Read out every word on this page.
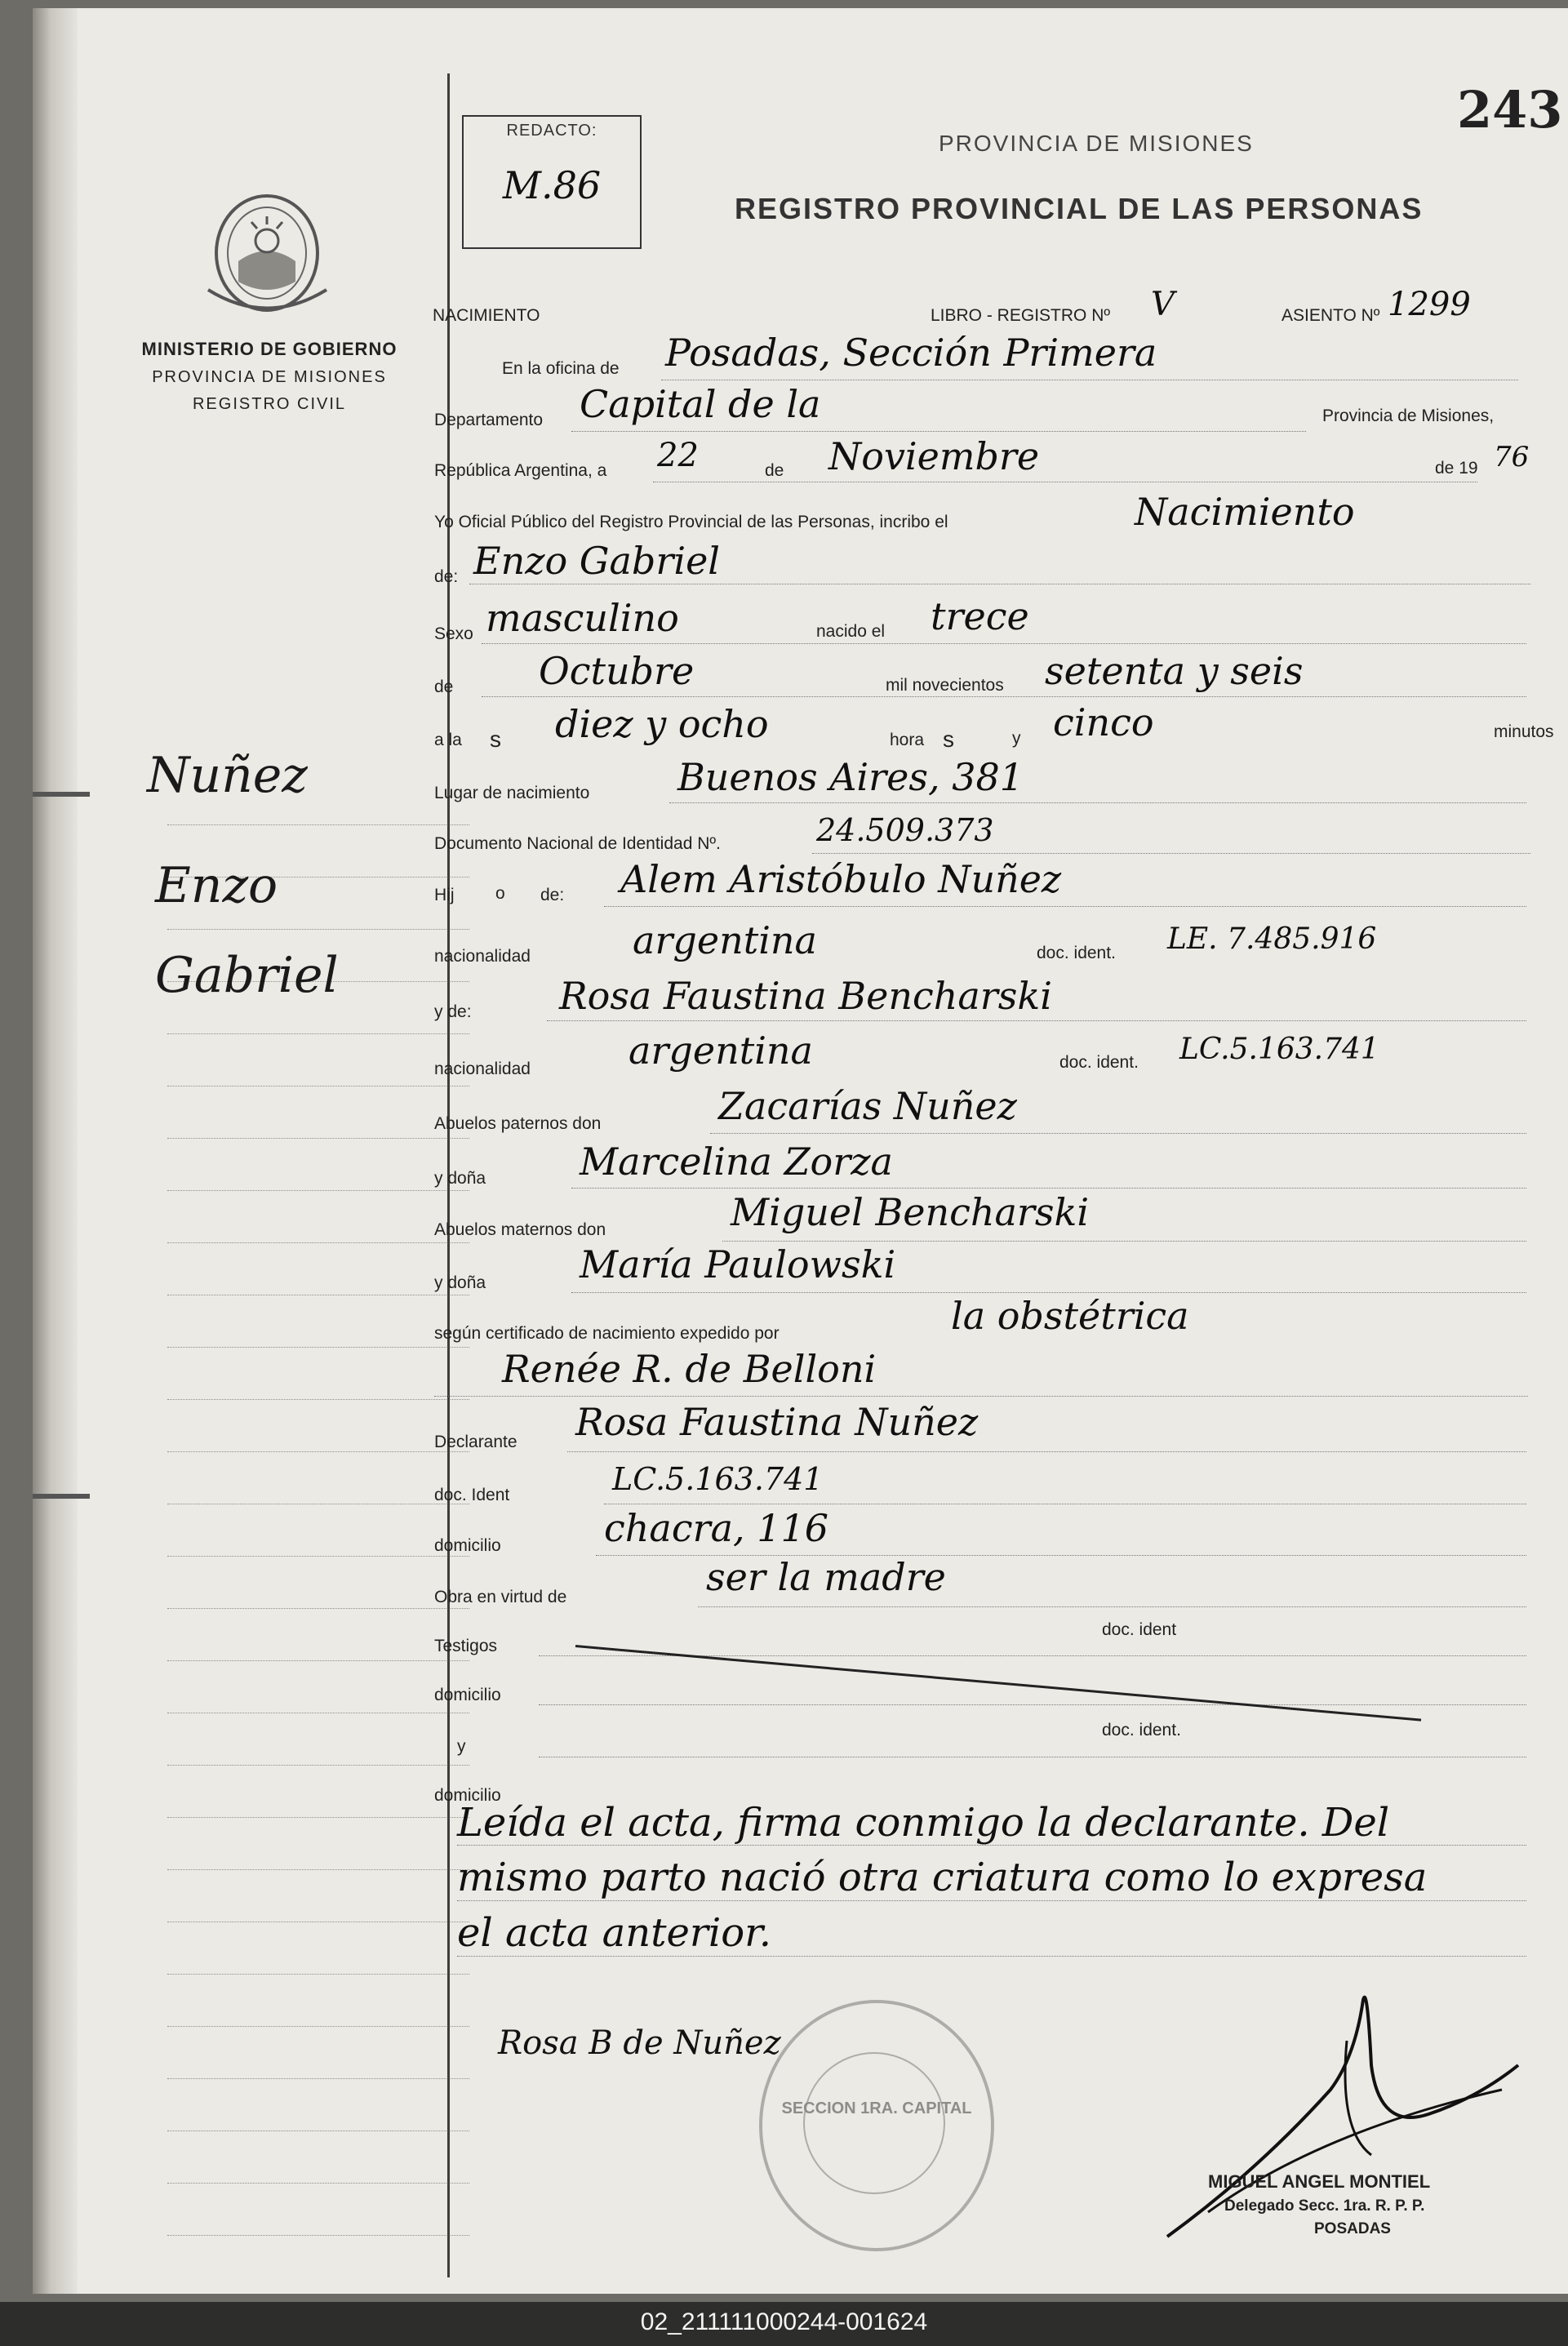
MINISTERIO DE GOBIERNO
PROVINCIA DE MISIONES
REGISTRO CIVIL
Nuñez
Enzo
Gabriel
REDACTO:
M.86
243
PROVINCIA DE MISIONES
REGISTRO PROVINCIAL DE LAS PERSONAS
NACIMIENTO	LIBRO - REGISTRO Nº V	ASIENTO Nº 1299
En la oficina de Posadas, Sección Primera
Departamento Capital de la	Provincia de Misiones,
República Argentina, a 22	de Noviembre	de 19 76
Yo Oficial Público del Registro Provincial de las Personas, incribo el	Nacimiento
de: Enzo Gabriel
Sexo masculino	nacido el trece
de Octubre	mil novecientos setenta y seis
a la s diez y ocho	hora s	y cinco	minutos
Lugar de nacimiento Buenos Aires, 381
Documento Nacional de Identidad Nº.	24.509.373
Hij o de: Alem Aristóbulo Nuñez
nacionalidad	argentina	doc. ident. LE. 7.485.916
y de: Rosa Faustina Bencharski
nacionalidad	argentina	doc. ident. LC.5.163.741
Abuelos paternos don	Zacarías Nuñez
y doña Marcelina Zorza
Abuelos maternos don	Miguel Bencharski
y doña María Paulowski
según certificado de nacimiento expedido por	la obstétrica
Renée R. de Belloni
Declarante Rosa Faustina Nuñez
doc. Ident	LC.5.163.741
domicilio	chacra, 116
Obra en virtud de	ser la madre
Testigos
doc. ident
domicilio
y
doc. ident.
domicilio
Leída el acta, firma conmigo la declarante. Del
mismo parto nació otra criatura como lo expresa
el acta anterior.
Rosa B de Nuñez
SECCION 1RA. CAPITAL
MIGUEL ANGEL MONTIEL
Delegado Secc. 1ra. R. P. P.
POSADAS
02_211111000244-001624
